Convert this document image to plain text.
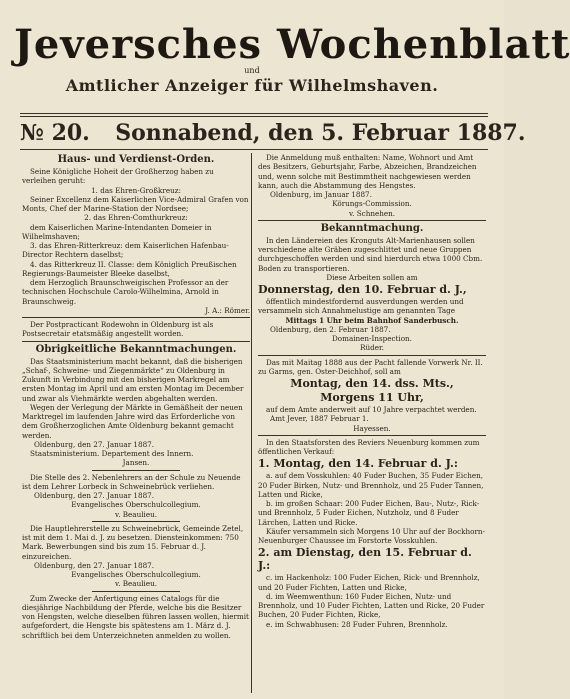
Jeversches Wochenblatt
und
Amtlicher Anzeiger für Wilhelmshaven.
№ 20. Sonnabend, den 5. Februar 1887.
Haus- und Verdienst-Orden.

Seine Königliche Hoheit der Großherzog haben zu verleihen geruht:

1. das Ehren-Großkreuz:

Seiner Excellenz dem Kaiserlichen Vice-Admiral Grafen von Monts, Chef der Marine-Station der Nordsee;

2. das Ehren-Comthurkreuz:

dem Kaiserlichen Marine-Intendanten Domeier in Wilhelmshaven;

3. das Ehren-Ritterkreuz: dem Kaiserlichen Hafenbau-Director Rechtern daselbst;

4. das Ritterkreuz II. Classe: dem Königlich Preußischen Regierungs-Baumeister Bleeke daselbst,

dem Herzoglich Braunschweigischen Professor an der technischen Hochschule Carolo-Wilhelmina, Arnold in Braunschweig.

J. A.: Römer.

Der Postpracticant Rodewohn in Oldenburg ist als Postsecretair etatsmäßig angestellt worden.

Obrigkeitliche Bekanntmachungen.

Das Staatsministerium macht bekannt, daß die bisherigen „Schaf-, Schweine- und Ziegenmärkte“ zu Oldenburg in Zukunft in Verbindung mit den bisherigen Markregel am ersten Montag im April und am ersten Montag im December und zwar als Viehmärkte werden abgehalten werden.

Wegen der Verlegung der Märkte in Gemäßheit der neuen Marktregel im laufenden Jahre wird das Erforderliche von dem Großherzoglichen Amte Oldenburg bekannt gemacht werden.

Oldenburg, den 27. Januar 1887.

Staatsministerium. Departement des Innern.

Jansen.

Die Stelle des 2. Nebenlehrers an der Schule zu Neuende ist dem Lehrer Lorbeck in Schweinebrück verliehen.

Oldenburg, den 27. Januar 1887.

Evangelisches Oberschulcollegium.

v. Beaulieu.

Die Hauptlehrerstelle zu Schweinebrück, Gemeinde Zetel, ist mit dem 1. Mai d. J. zu besetzen. Diensteinkommen: 750 Mark. Bewerbungen sind bis zum 15. Februar d. J. einzureichen.

Oldenburg, den 27. Januar 1887.

Evangelisches Oberschulcollegium.

v. Beaulieu.

Zum Zwecke der Anfertigung eines Catalogs für die diesjährige Nachbildung der Pferde, welche bis die Besitzer von Hengsten, welche dieselben führen lassen wollen, hiermit aufgefordert, die Hengste bis spätestens am 1. März d. J. schriftlich bei dem Unterzeichneten anmelden zu wollen.

Die Anmeldung muß enthalten: Name, Wohnort und Amt des Besitzers, Geburtsjahr, Farbe, Abzeichen, Brandzeichen und, wenn solche mit Bestimmtheit nachgewiesen werden kann, auch die Abstammung des Hengstes.

Oldenburg, im Januar 1887.

Körungs-Commission.

v. Schnehen.

Bekanntmachung.

In den Ländereien des Kronguts Alt-Marienhausen sollen verschiedene alte Gräben zugeschlittet und neue Gruppen durchgeschoffen werden und sind hierdurch etwa 1000 Cbm. Boden zu transportieren.

Diese Arbeiten sollen am

Donnerstag, den 10. Februar d. J.,

öffentlich mindestfordernd ausverdungen werden und versammeln sich Annahmelustige am genannten Tage

Mittags 1 Uhr beim Bahnhof Sanderbusch.

Oldenburg, den 2. Februar 1887.

Domainen-Inspection.

Rüder.

Das mit Maitag 1888 aus der Pacht fallende Vorwerk Nr. II. zu Garms, gen. Oster-Deichhof, soll am

Montag, den 14. dss. Mts.,
Morgens 11 Uhr,

auf dem Amte anderweit auf 10 Jahre verpachtet werden.

Amt Jever, 1887 Februar 1.

Hayessen.

In den Staatsforsten des Reviers Neuenburg kommen zum öffentlichen Verkauf:

1. Montag, den 14. Februar d. J.:

a. auf dem Vosskuhlen: 40 Fuder Buchen, 35 Fuder Eichen, 20 Fuder Birken, Nutz- und Brennholz, und 25 Fuder Tannen, Latten und Ricke,

b. im großen Schaar: 200 Fuder Eichen, Bau-, Nutz-, Rick- und Brennholz, 5 Fuder Eichen, Nutzholz, und 8 Fuder Lärchen, Latten und Ricke.

Käufer versammeln sich Morgens 10 Uhr auf der Bockhorn-Neuenburger Chaussee im Forstorte Vosskuhlen.

2. am Dienstag, den 15. Februar d. J.:

c. im Hackenholz: 100 Fuder Eichen, Rick- und Brennholz, und 20 Fuder Fichten, Latten und Ricke,

d. im Weemwenthun: 160 Fuder Eichen, Nutz- und Brennholz, und 10 Fuder Fichten, Latten und Ricke, 20 Fuder Buchen, 20 Fuder Fichten, Ricke,

e. im Schwabhusen: 28 Fuder Fuhren, Brennholz.
